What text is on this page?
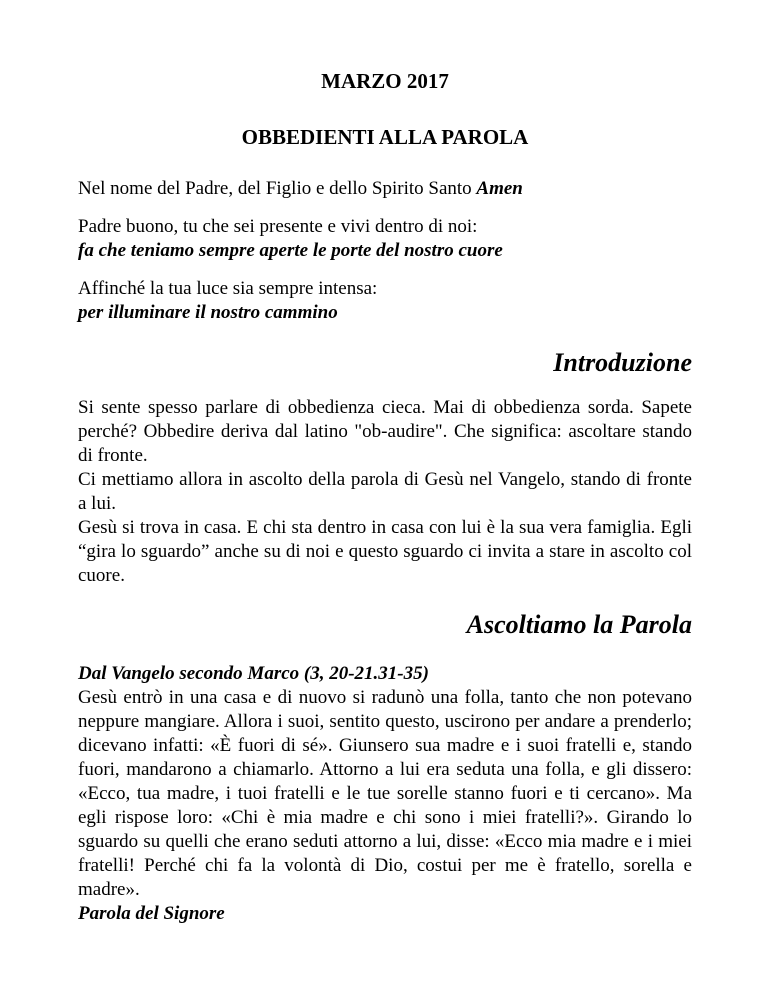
MARZO 2017
OBBEDIENTI ALLA PAROLA

Nel nome del Padre, del Figlio e dello Spirito Santo Amen

Padre buono, tu che sei presente e vivi dentro di noi:

fa che teniamo sempre aperte le porte del nostro cuore

Affinché la tua luce sia sempre intensa:

per illuminare il nostro cammino

Introduzione

Si sente spesso parlare di obbedienza cieca. Mai di obbedienza sorda. Sapete perché? Obbedire deriva dal latino "ob-audire". Che significa: ascoltare stando di fronte.

Ci mettiamo allora in ascolto della parola di Gesù nel Vangelo, stando di fronte a lui.

Gesù si trova in casa. E chi sta dentro in casa con lui è la sua vera famiglia. Egli “gira lo sguardo” anche su di noi e questo sguardo ci invita a stare in ascolto col cuore.

Ascoltiamo la Parola

Dal Vangelo secondo Marco (3, 20-21.31-35)

Gesù entrò in una casa e di nuovo si radunò una folla, tanto che non potevano neppure mangiare. Allora i suoi, sentito questo, uscirono per andare a prenderlo; dicevano infatti: «È fuori di sé». Giunsero sua madre e i suoi fratelli e, stando fuori, mandarono a chiamarlo. Attorno a lui era seduta una folla, e gli dissero: «Ecco, tua madre, i tuoi fratelli e le tue sorelle stanno fuori e ti cercano». Ma egli rispose loro: «Chi è mia madre e chi sono i miei fratelli?». Girando lo sguardo su quelli che erano seduti attorno a lui, disse: «Ecco mia madre e i miei fratelli! Perché chi fa la volontà di Dio, costui per me è fratello, sorella e madre».

Parola del Signore
